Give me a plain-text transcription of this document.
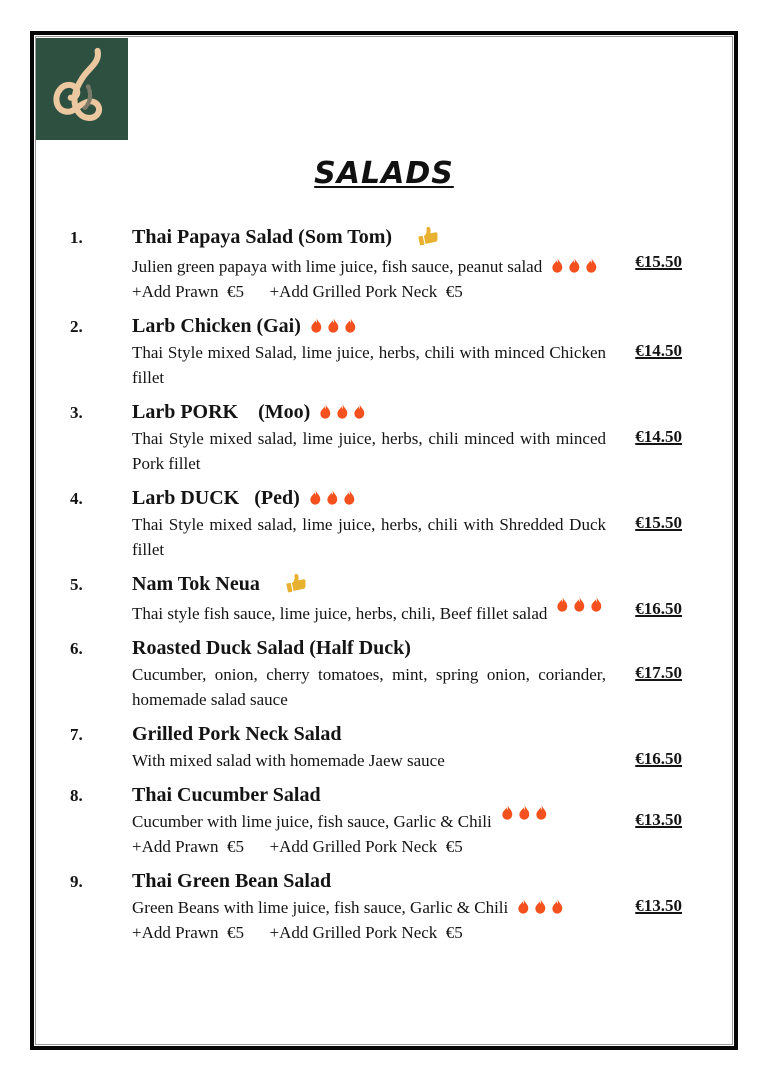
SALADS
1.	Thai Papaya Salad (Som Tom)
Julien green papaya with lime juice, fish sauce, peanut salad
+Add Prawn  €5      +Add Grilled Pork Neck  €5
€15.50
2.	Larb Chicken (Gai)
Thai Style mixed Salad, lime juice, herbs, chili with minced Chicken fillet
€14.50
3.	Larb PORK    (Moo)
Thai Style mixed salad, lime juice, herbs, chili minced with minced Pork fillet
€14.50
4.	Larb DUCK   (Ped)
Thai Style mixed salad, lime juice, herbs, chili with Shredded Duck fillet
€15.50
5.	Nam Tok Neua
Thai style fish sauce, lime juice, herbs, chili, Beef fillet salad	€16.50
6.	Roasted Duck Salad (Half Duck)
Cucumber, onion, cherry tomatoes, mint, spring onion, coriander, homemade salad sauce
€17.50
7.	Grilled Pork Neck Salad
With mixed salad with homemade Jaew sauce	€16.50
8.	Thai Cucumber Salad
Cucumber with lime juice, fish sauce, Garlic & Chili
+Add Prawn  €5      +Add Grilled Pork Neck  €5
€13.50
9.	Thai Green Bean Salad
Green Beans with lime juice, fish sauce, Garlic & Chili
+Add Prawn  €5      +Add Grilled Pork Neck  €5
€13.50
